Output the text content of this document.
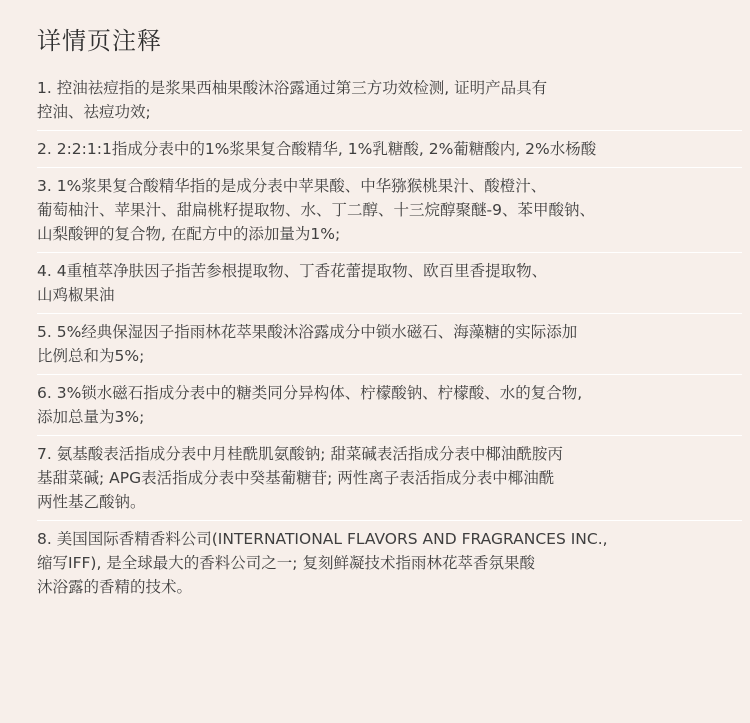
详情页注释
1. 控油祛痘指的是浆果西柚果酸沐浴露通过第三方功效检测, 证明产品具有
控油、祛痘功效;
2. 2:2:1:1指成分表中的1%浆果复合酸精华, 1%乳糖酸, 2%葡糖酸内, 2%水杨酸
3. 1%浆果复合酸精华指的是成分表中苹果酸、中华猕猴桃果汁、酸橙汁、
葡萄柚汁、苹果汁、甜扁桃籽提取物、水、丁二醇、十三烷醇聚醚-9、苯甲酸钠、
山梨酸钾的复合物, 在配方中的添加量为1%;
4. 4重植萃净肤因子指苦参根提取物、丁香花蕾提取物、欧百里香提取物、
山鸡椒果油
5. 5%经典保湿因子指雨林花萃果酸沐浴露成分中锁水磁石、海藻糖的实际添加
比例总和为5%;
6. 3%锁水磁石指成分表中的糖类同分异构体、柠檬酸钠、柠檬酸、水的复合物,
添加总量为3%;
7. 氨基酸表活指成分表中月桂酰肌氨酸钠; 甜菜碱表活指成分表中椰油酰胺丙
基甜菜碱; APG表活指成分表中癸基葡糖苷; 两性离子表活指成分表中椰油酰
两性基乙酸钠。
8. 美国国际香精香料公司(INTERNATIONAL FLAVORS AND FRAGRANCES INC.,
缩写IFF), 是全球最大的香料公司之一; 复刻鲜凝技术指雨林花萃香氛果酸
沐浴露的香精的技术。
